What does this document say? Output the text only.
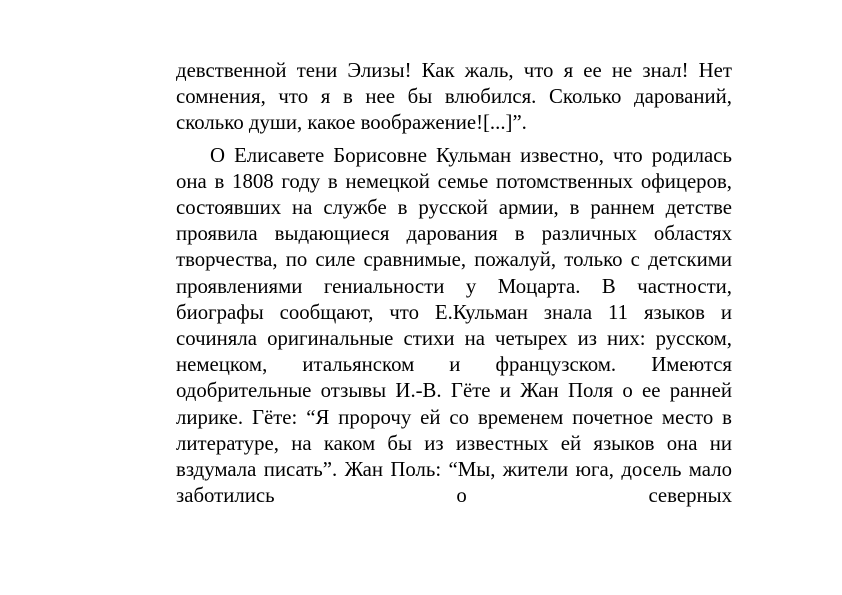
девственной тени Элизы! Как жаль, что я ее не знал! Нет сомнения, что я в нее бы влюбился. Сколько дарований, сколько души, какое воображение![...]”.

О Елисавете Борисовне Кульман известно, что родилась она в 1808 году в немецкой семье потомственных офицеров, состоявших на службе в русской армии, в раннем детстве проявила выдающиеся дарования в различных областях творчества, по силе сравнимые, пожалуй, только с детскими проявлениями гениальности у Моцарта. В частности, биографы сообщают, что Е.Кульман знала 11 языков и сочиняла оригинальные стихи на четырех из них: русском, немецком, итальянском и французском. Имеются одобрительные отзывы И.-В. Гёте и Жан Поля о ее ранней лирике. Гёте: “Я пророчу ей со временем почетное место в литературе, на каком бы из известных ей языков она ни вздумала писать”. Жан Поль: “Мы, жители юга, досель мало заботились о северных
